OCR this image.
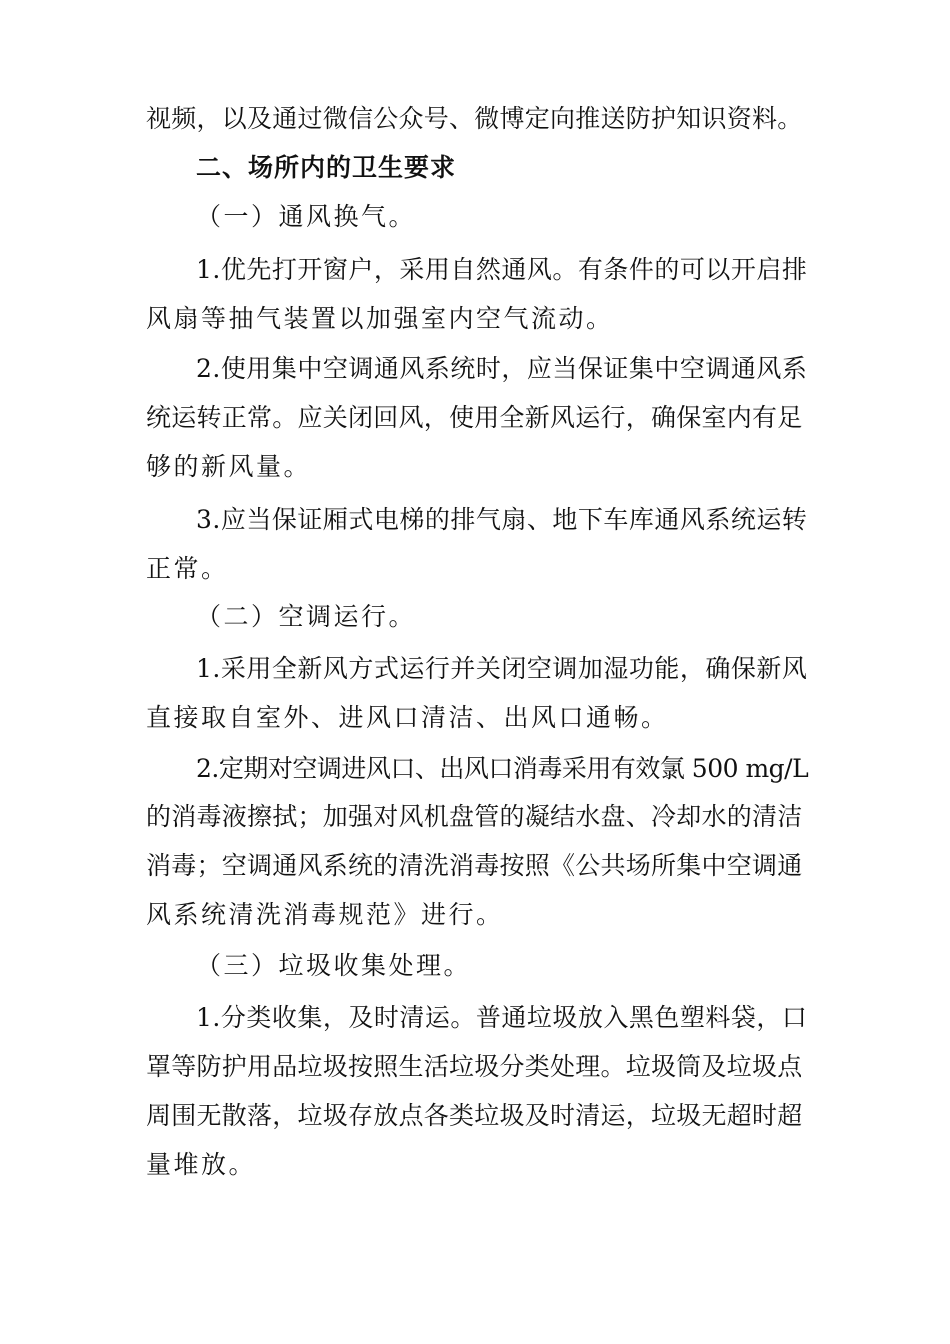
视频，以及通过微信公众号、微博定向推送防护知识资料。
二、场所内的卫生要求
（一）通风换气。
1.优先打开窗户，采用自然通风。有条件的可以开启排
风扇等抽气装置以加强室内空气流动。
2.使用集中空调通风系统时，应当保证集中空调通风系
统运转正常。应关闭回风，使用全新风运行，确保室内有足
够的新风量。
3.应当保证厢式电梯的排气扇、地下车库通风系统运转
正常。
（二）空调运行。
1.采用全新风方式运行并关闭空调加湿功能，确保新风
直接取自室外、进风口清洁、出风口通畅。
2.定期对空调进风口、出风口消毒采用有效氯 500 mg/L
的消毒液擦拭；加强对风机盘管的凝结水盘、冷却水的清洁
消毒；空调通风系统的清洗消毒按照《公共场所集中空调通
风系统清洗消毒规范》进行。
（三）垃圾收集处理。
1.分类收集，及时清运。普通垃圾放入黑色塑料袋，口
罩等防护用品垃圾按照生活垃圾分类处理。垃圾筒及垃圾点
周围无散落，垃圾存放点各类垃圾及时清运，垃圾无超时超
量堆放。
